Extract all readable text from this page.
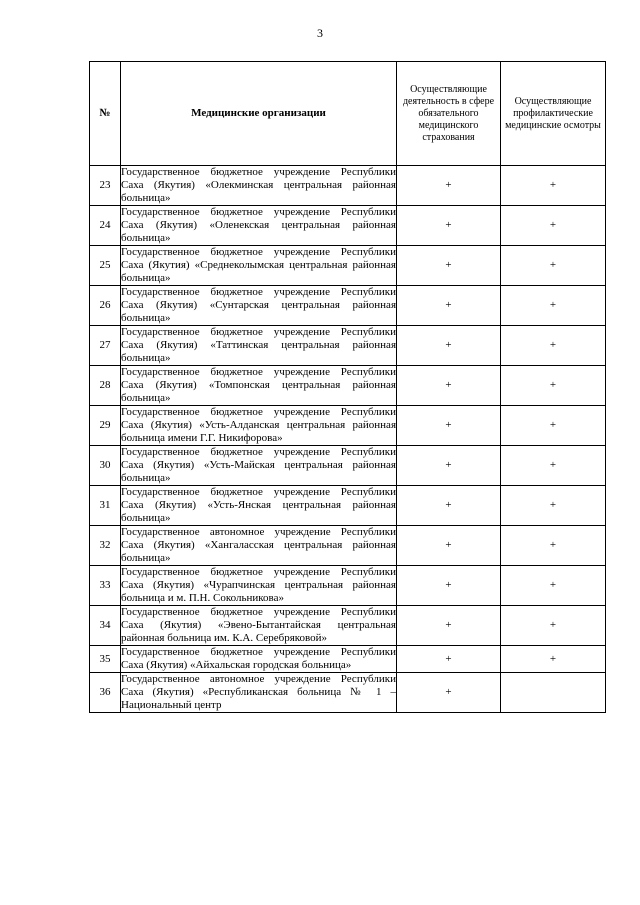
3
№	Медицинские организации	Осуществляющие деятельность в сфере обязательного медицинского страхования	Осуществляющие профилактические медицинские осмотры
23	Государственное бюджетное учреждение Республики Саха (Якутия) «Олекминская центральная районная больница»	+	+
24	Государственное бюджетное учреждение Республики Саха (Якутия) «Оленекская центральная районная больница»	+	+
25	Государственное бюджетное учреждение Республики Саха (Якутия) «Среднеколымская центральная районная больница»	+	+
26	Государственное бюджетное учреждение Республики Саха (Якутия) «Сунтарская центральная районная больница»	+	+
27	Государственное бюджетное учреждение Республики Саха (Якутия) «Таттинская центральная районная больница»	+	+
28	Государственное бюджетное учреждение Республики Саха (Якутия) «Томпонская центральная районная больница»	+	+
29	Государственное бюджетное учреждение Республики Саха (Якутия) «Усть-Алданская центральная районная больница имени Г.Г. Никифорова»	+	+
30	Государственное бюджетное учреждение Республики Саха (Якутия) «Усть-Майская центральная районная больница»	+	+
31	Государственное бюджетное учреждение Республики Саха (Якутия) «Усть-Янская центральная районная больница»	+	+
32	Государственное автономное учреждение Республики Саха (Якутия) «Хангаласская центральная районная больница»	+	+
33	Государственное бюджетное учреждение Республики Саха (Якутия) «Чурапчинская центральная районная больница и м. П.Н. Сокольникова»	+	+
34	Государственное бюджетное учреждение Республики Саха (Якутия) «Эвено-Бытантайская центральная районная больница им. К.А. Серебряковой»	+	+
35	Государственное бюджетное учреждение Республики Саха (Якутия) «Айхальская городская больница»	+	+
36	Государственное автономное учреждение Республики Саха (Якутия) «Республиканская больница № 1 – Национальный центр	+	
